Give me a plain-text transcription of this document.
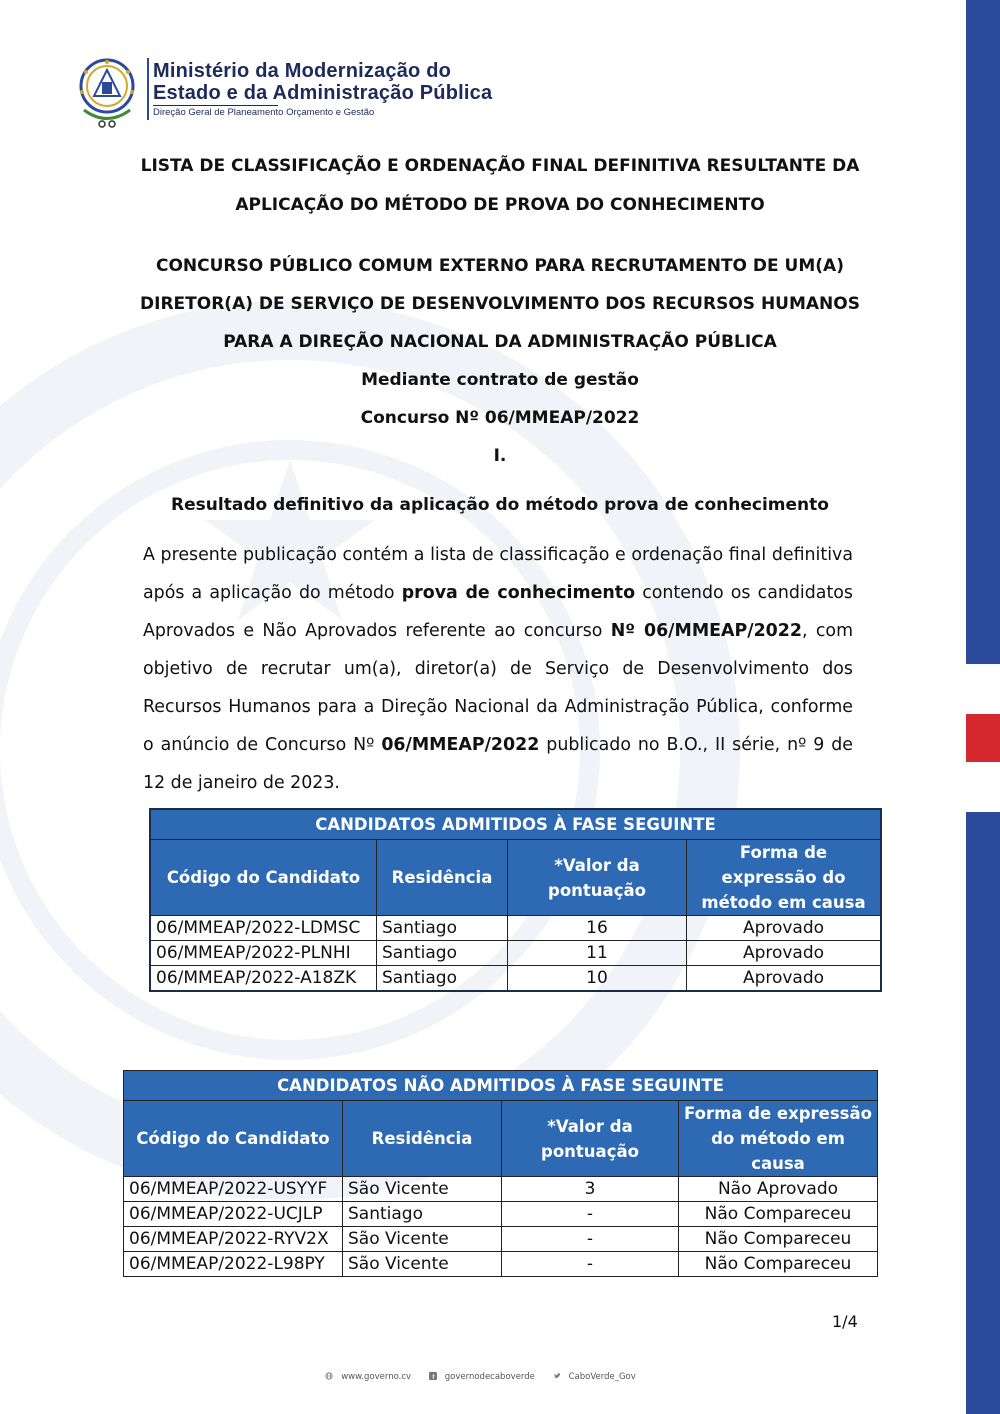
Ministério da Modernização do
Estado e da Administração Pública
Direção Geral de Planeamento Orçamento e Gestão
LISTA DE CLASSIFICAÇÃO E ORDENAÇÃO FINAL DEFINITIVA RESULTANTE DA
APLICAÇÃO DO MÉTODO DE PROVA DO CONHECIMENTO
CONCURSO PÚBLICO COMUM EXTERNO PARA RECRUTAMENTO DE UM(A)
DIRETOR(A) DE SERVIÇO DE DESENVOLVIMENTO DOS RECURSOS HUMANOS
PARA A DIREÇÃO NACIONAL DA ADMINISTRAÇÃO PÚBLICA
Mediante contrato de gestão
Concurso Nº 06/MMEAP/2022
I.
Resultado definitivo da aplicação do método prova de conhecimento

A presente publicação contém a lista de classificação e ordenação final definitiva após a aplicação do método prova de conhecimento contendo os candidatos Aprovados e Não Aprovados referente ao concurso Nº 06/MMEAP/2022, com objetivo de recrutar um(a), diretor(a) de Serviço de Desenvolvimento dos Recursos Humanos para a Direção Nacional da Administração Pública, conforme o anúncio de Concurso Nº 06/MMEAP/2022 publicado no B.O., II série, nº 9 de 12 de janeiro de 2023.

CANDIDATOS ADMITIDOS À FASE SEGUINTE			
Código do Candidato	Residência	*Valor da pontuação	Forma de expressão do método em causa
06/MMEAP/2022-LDMSC	Santiago	16	Aprovado
06/MMEAP/2022-PLNHI	Santiago	11	Aprovado
06/MMEAP/2022-A18ZK	Santiago	10	Aprovado
CANDIDATOS NÃO ADMITIDOS À FASE SEGUINTE			
Código do Candidato	Residência	*Valor da pontuação	Forma de expressão do método em causa
06/MMEAP/2022-USYYF	São Vicente	3	Não Aprovado
06/MMEAP/2022-UCJLP	Santiago	-	Não Compareceu
06/MMEAP/2022-RYV2X	São Vicente	-	Não Compareceu
06/MMEAP/2022-L98PY	São Vicente	-	Não Compareceu
1/4
www.governo.cv	f governodecaboverde	CaboVerde_Gov
